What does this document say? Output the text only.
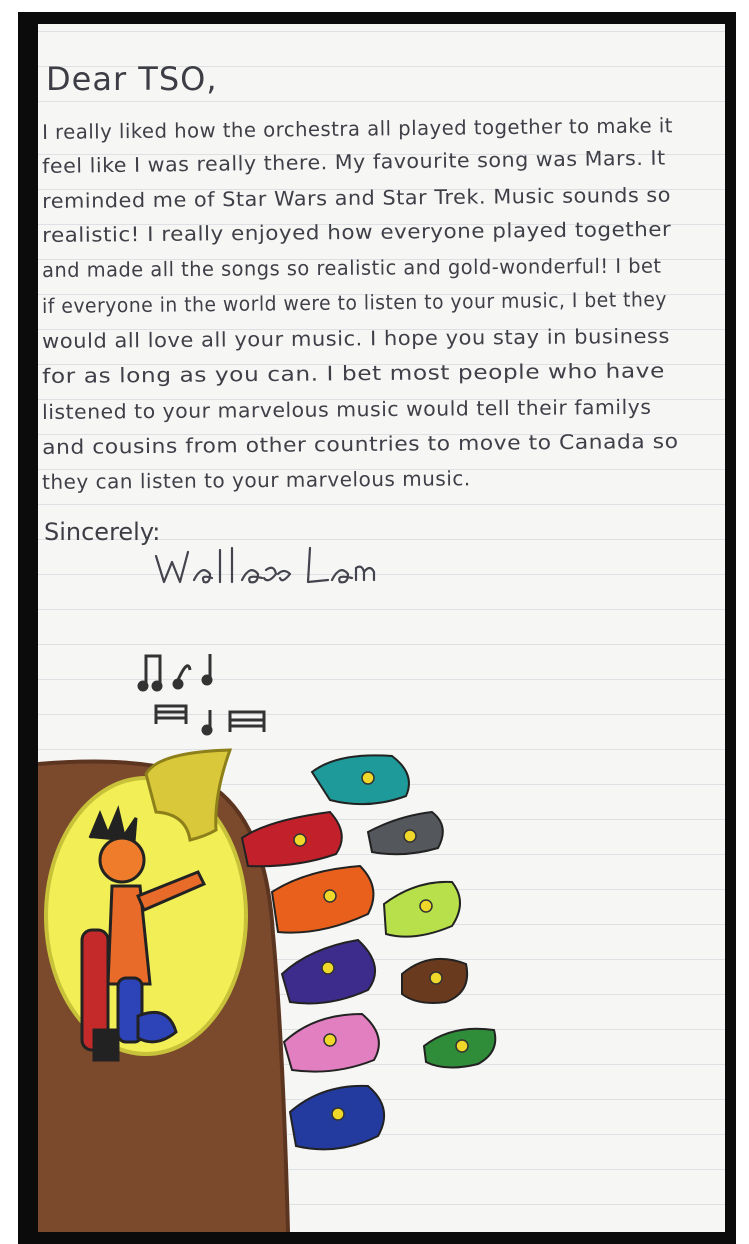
Dear TSO,

I really liked how the orchestra all played together to make it

feel like I was really there. My favourite song was Mars. It

reminded me of Star Wars and Star Trek. Music sounds so

realistic! I really enjoyed how everyone played together

and made all the songs so realistic and gold-wonderful! I bet

if everyone in the world were to listen to your music, I bet they

would all love all your music. I hope you stay in business

for as long as you can. I bet most people who have

listened to your marvelous music would tell their familys

and cousins from other countries to move to Canada so

they can listen to your marvelous music.

Sincerely:
